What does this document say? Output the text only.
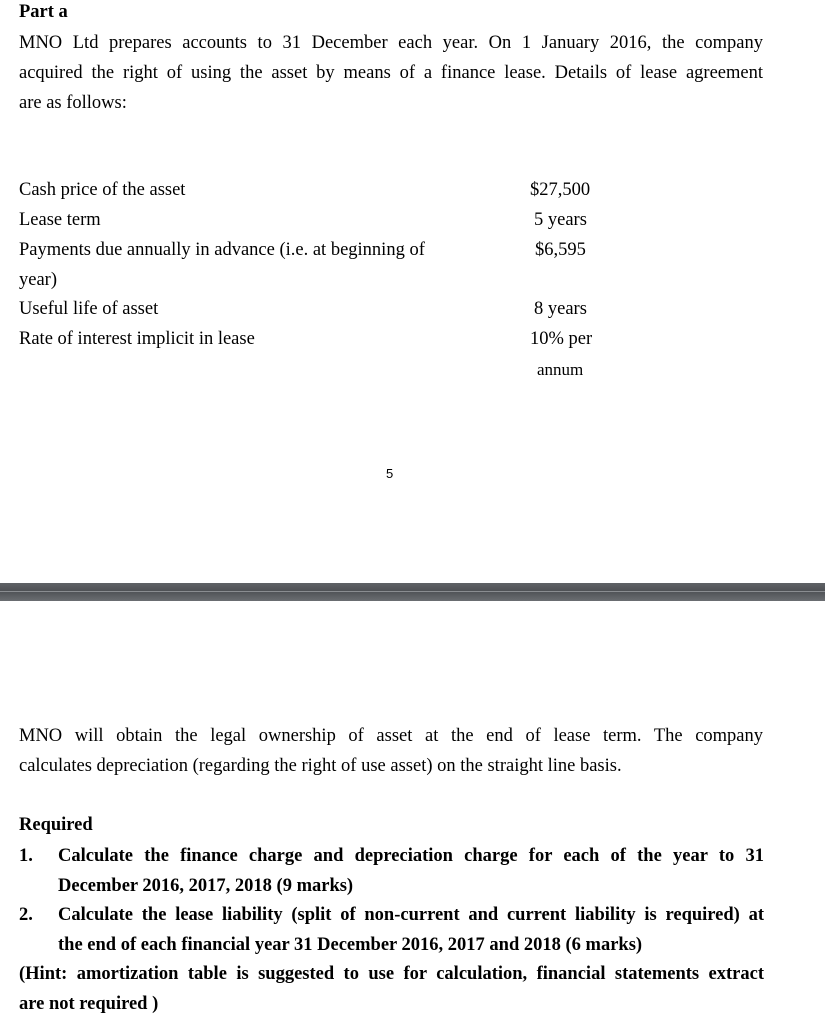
Part a
MNO Ltd prepares accounts to 31 December each year. On 1 January 2016, the company
acquired the right of using the asset by means of a finance lease. Details of lease agreement
are as follows:
Cash price of the asset	$27,500
Lease term	5 years
Payments due annually in advance (i.e. at beginning of	$6,595
year)
Useful life of asset	8 years
Rate of interest implicit in lease	10% per
annum
5
MNO will obtain the legal ownership of asset at the end of lease term. The company
calculates depreciation (regarding the right of use asset) on the straight line basis.
Required
1. Calculate the finance charge and depreciation charge for each of the year to 31
December 2016, 2017, 2018 (9 marks)
2. Calculate the lease liability (split of non-current and current liability is required) at
the end of each financial year 31 December 2016, 2017 and 2018 (6 marks)
(Hint: amortization table is suggested to use for calculation, financial statements extract
are not required )
